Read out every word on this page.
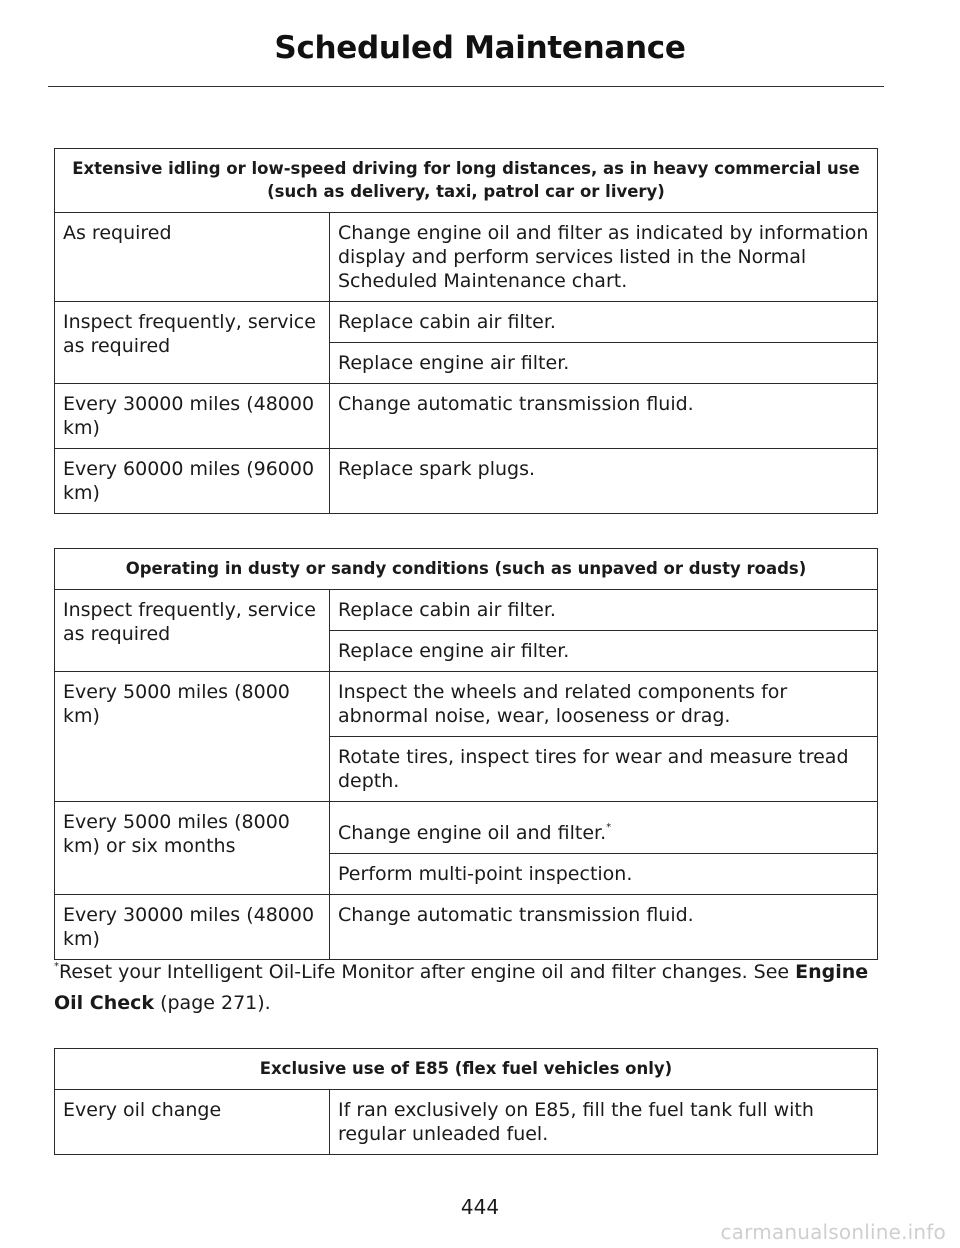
Scheduled Maintenance
Extensive idling or low-speed driving for long distances, as in heavy commercial use (such as delivery, taxi, patrol car or livery)	
As required	Change engine oil and filter as indicated by information display and perform services listed in the Normal Scheduled Maintenance chart.
Inspect frequently, service as required	Replace cabin air filter.
	Replace engine air filter.
Every 30000 miles (48000 km)	Change automatic transmission fluid.
Every 60000 miles (96000 km)	Replace spark plugs.
Operating in dusty or sandy conditions (such as unpaved or dusty roads)	
Inspect frequently, service as required	Replace cabin air filter.
	Replace engine air filter.
Every 5000 miles (8000 km)	Inspect the wheels and related components for abnormal noise, wear, looseness or drag.
	Rotate tires, inspect tires for wear and measure tread depth.
Every 5000 miles (8000 km) or six months	Change engine oil and filter.*
	Perform multi-point inspection.
Every 30000 miles (48000 km)	Change automatic transmission fluid.
*Reset your Intelligent Oil-Life Monitor after engine oil and filter changes. See Engine Oil Check (page 271).
Exclusive use of E85 (flex fuel vehicles only)
Every oil change	If ran exclusively on E85, fill the fuel tank full with regular unleaded fuel.
444
carmanualsonline.info
